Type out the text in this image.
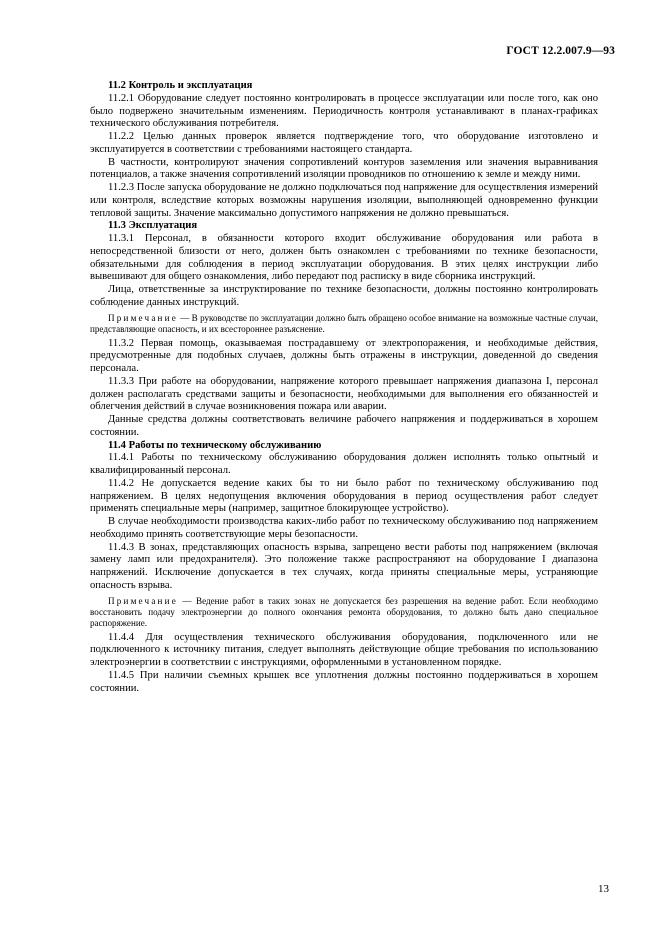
ГОСТ 12.2.007.9—93

11.2 Контроль и эксплуатация

11.2.1 Оборудование следует постоянно контролировать в процессе эксплуатации или после того, как оно было подвержено значительным изменениям. Периодичность контроля устанавливают в планах-графиках технического обслуживания потребителя.

11.2.2 Целью данных проверок является подтверждение того, что оборудование изготовлено и эксплуатируется в соответствии с требованиями настоящего стандарта.

В частности, контролируют значения сопротивлений контуров заземления или значения выравнивания потенциалов, а также значения сопротивлений изоляции проводников по отношению к земле и между ними.

11.2.3 После запуска оборудование не должно подключаться под напряжение для осуществления измерений или контроля, вследствие которых возможны нарушения изоляции, выполняющей одновременно функции тепловой защиты. Значение максимально допустимого напряжения не должно превышаться.

11.3 Эксплуатация

11.3.1 Персонал, в обязанности которого входит обслуживание оборудования или работа в непосредственной близости от него, должен быть ознакомлен с требованиями по технике безопасности, обязательными для соблюдения в период эксплуатации оборудования. В этих целях инструкции либо вывешивают для общего ознакомления, либо передают под расписку в виде сборника инструкций.

Лица, ответственные за инструктирование по технике безопасности, должны постоянно контролировать соблюдение данных инструкций.

Примечание — В руководстве по эксплуатации должно быть обращено особое внимание на возможные частные случаи, представляющие опасность, и их всестороннее разъяснение.

11.3.2 Первая помощь, оказываемая пострадавшему от электропоражения, и необходимые действия, предусмотренные для подобных случаев, должны быть отражены в инструкции, доведенной до сведения персонала.

11.3.3 При работе на оборудовании, напряжение которого превышает напряжения диапазона I, персонал должен располагать средствами защиты и безопасности, необходимыми для выполнения его обязанностей и облегчения действий в случае возникновения пожара или аварии.

Данные средства должны соответствовать величине рабочего напряжения и поддерживаться в хорошем состоянии.

11.4 Работы по техническому обслуживанию

11.4.1 Работы по техническому обслуживанию оборудования должен исполнять только опытный и квалифицированный персонал.

11.4.2 Не допускается ведение каких бы то ни было работ по техническому обслуживанию под напряжением. В целях недопущения включения оборудования в период осуществления работ следует применять специальные меры (например, защитное блокирующее устройство).

В случае необходимости производства каких-либо работ по техническому обслуживанию под напряжением необходимо принять соответствующие меры безопасности.

11.4.3 В зонах, представляющих опасность взрыва, запрещено вести работы под напряжением (включая замену ламп или предохранителя). Это положение также распространяют на оборудование I диапазона напряжений. Исключение допускается в тех случаях, когда приняты специальные меры, устраняющие опасность взрыва.

Примечание — Ведение работ в таких зонах не допускается без разрешения на ведение работ. Если необходимо восстановить подачу электроэнергии до полного окончания ремонта оборудования, то должно быть дано специальное распоряжение.

11.4.4 Для осуществления технического обслуживания оборудования, подключенного или не подключенного к источнику питания, следует выполнять действующие общие требования по использованию электроэнергии в соответствии с инструкциями, оформленными в установленном порядке.

11.4.5 При наличии съемных крышек все уплотнения должны постоянно поддерживаться в хорошем состоянии.

13
